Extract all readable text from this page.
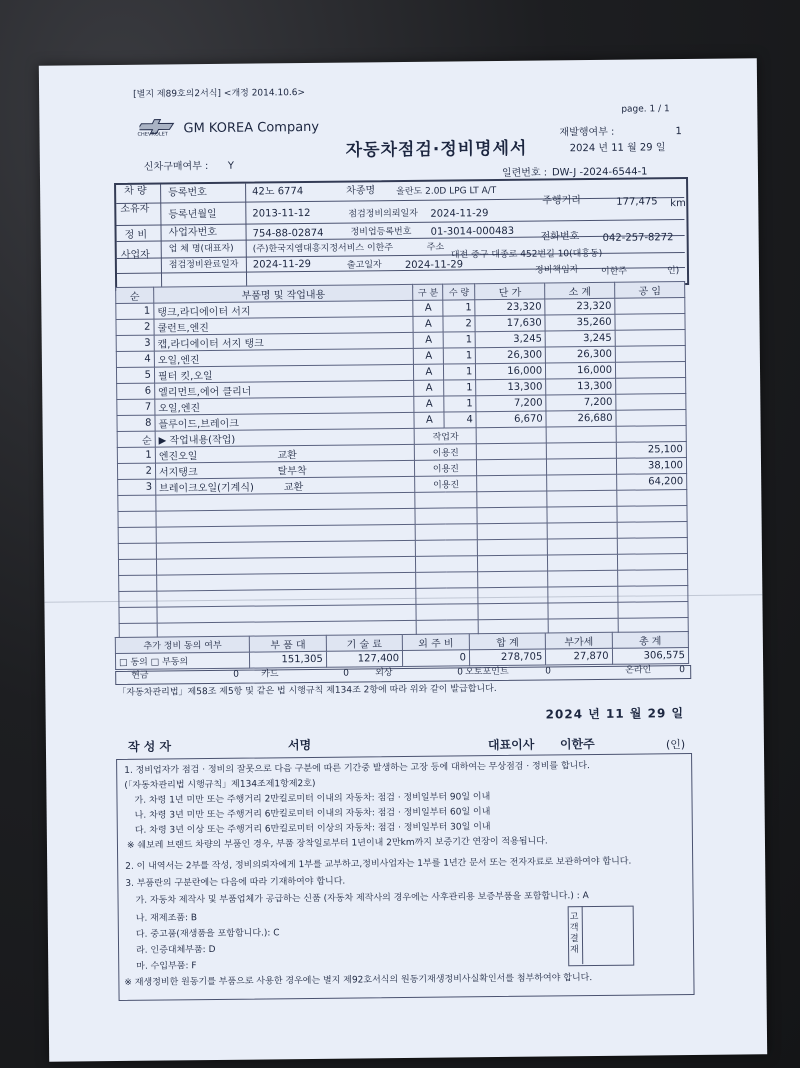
[별지 제89호의2서식] <개정 2014.10.6>
page. 1 / 1
CHEVROLET GM KOREA Company
자동차점검·정비명세서
재발행여부 :	1
2024 년 11 월 29 일
신차구매여부 : Y
일련번호 : DW-J -2024-6544-1
차 량
소유자
등록번호	42노 6774	차종명 올란도 2.0D LPG LT A/T
주행거리	177,475 km
등록년월일	2013-11-12	점검정비의뢰일자 2024-11-29
정 비
사업자
사업자번호	754-88-02874	정비업등록번호 01-3014-000483	전화번호 042-257-8272
업 체 명(대표자) (주)한국지엠대흥지정서비스 이한주	주소
대전 중구 대종로 452번길 10(대흥동)
점검정비완료일자 2024-11-29	출고일자 2024-11-29	정비책임자 이한주	인)
순	부품명 및 작업내용	구 분	수 량	단 가	소 계	공 임
1	탱크,라디에이터 서지	A	1	23,320	23,320	
2	쿨런트,엔진	A	2	17,630	35,260	
3	캡,라디에이터 서지 탱크	A	1	3,245	3,245	
4	오일,엔진	A	1	26,300	26,300	
5	필터 킷,오일	A	1	16,000	16,000	
6	엘리먼트,에어 클리너	A	1	13,300	13,300	
7	오일,엔진	A	1	7,200	7,200	
8	플루이드,브레이크	A	4	6,670	26,680	
순	▶ 작업내용(작업)	작업자				
1	엔진오일 교환	이용진				25,100
2	서지탱크 탈부착	이용진				38,100
3	브레이크오일(기계식) 교환	이용진				64,200

추가 정비 동의 여부	부 품 대	기 술 료	외 주 비	합 계	부가세	총 계
□ 동의 □ 부동의	151,305	127,400	0	278,705	27,870	306,575
현금	0 카드	0	외상	0 오토포인트	0	온라인	0
「자동차관리법」제58조 제5항 및 같은 법 시행규칙 제134조 2항에 따라 위와 같이 발급합니다.
2024 년 11 월 29 일
작 성 자	서명	대표이사 이한주	(인)
1. 정비업자가 점검 · 정비의 잘못으로 다음 구분에 따른 기간중 발생하는 고장 등에 대하여는 무상점검 · 정비를 합니다.
(「자동차관리법 시행규칙」제134조제1항제2호)
가. 차령 1년 미만 또는 주행거리 2만킬로미터 이내의 자동차: 점검 · 정비일부터 90일 이내
나. 차령 3년 미만 또는 주행거리 6만킬로미터 이내의 자동차: 점검 · 정비일부터 60일 이내
다. 차령 3년 이상 또는 주행거리 6만킬로미터 이상의 자동차: 점검 · 정비일부터 30일 이내
※ 쉐보레 브랜드 차량의 부품인 경우, 부품 장착일로부터 1년이내 2만km까지 보증기간 연장이 적용됩니다.
2. 이 내역서는 2부를 작성, 정비의뢰자에게 1부를 교부하고,정비사업자는 1부를 1년간 문서 또는 전자자료로 보관하여야 합니다.
3. 부품란의 구분란에는 다음에 따라 기재하여야 합니다.
가. 자동차 제작사 및 부품업체가 공급하는 신품 (자동차 제작사의 경우에는 사후관리용 보증부품을 포함합니다.) : A
나. 재제조품: B
다. 중고품(재생품을 포함합니다.): C
라. 인증대체부품: D
마. 수입부품: F
※ 재생정비한 원동기를 부품으로 사용한 경우에는 별지 제92호서식의 원동기재생정비사실확인서를 첨부하여야 합니다.
고객결재
